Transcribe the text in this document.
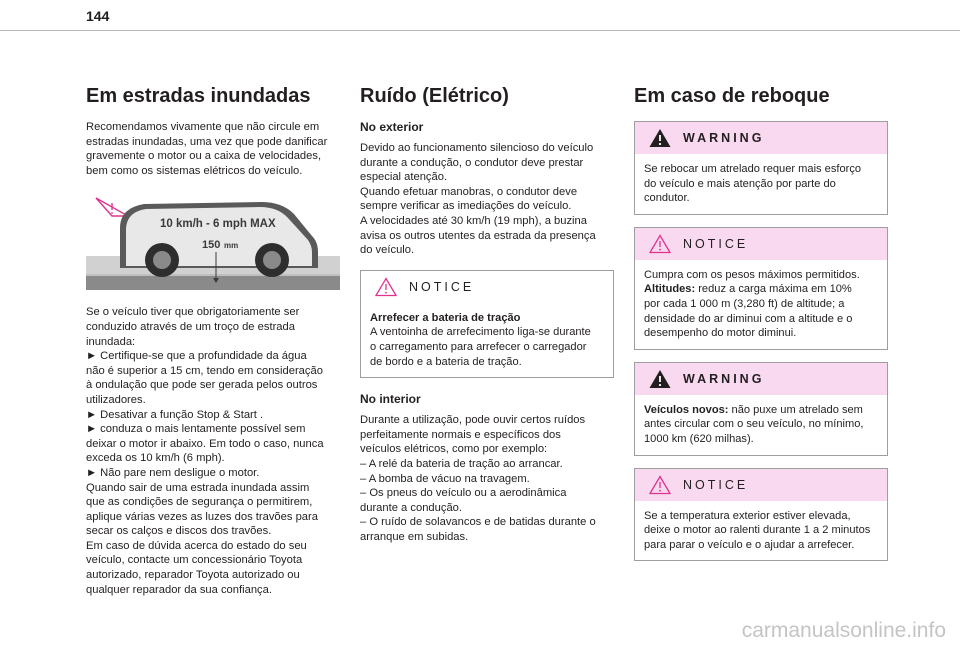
144
Em estradas inundadas

Recomendamos vivamente que não circule em
estradas inundadas, uma vez que pode danificar
gravemente o motor ou a caixa de velocidades,
bem como os sistemas elétricos do veículo.

10 km/h - 6 mph MAX
150 mm

Se o veículo tiver que obrigatoriamente ser
conduzido através de um troço de estrada
inundada:
► Certifique-se que a profundidade da água
não é superior a 15 cm, tendo em consideração
à ondulação que pode ser gerada pelos outros
utilizadores.
► Desativar a função Stop & Start .
► conduza o mais lentamente possível sem
deixar o motor ir abaixo. Em todo o caso, nunca
exceda os 10 km/h (6 mph).
► Não pare nem desligue o motor.
Quando sair de uma estrada inundada assim
que as condições de segurança o permitirem,
aplique várias vezes as luzes dos travões para
secar os calços e discos dos travões.
Em caso de dúvida acerca do estado do seu
veículo, contacte um concessionário Toyota
autorizado, reparador Toyota autorizado ou
qualquer reparador da sua confiança.

Ruído (Elétrico)
No exterior

Devido ao funcionamento silencioso do veículo
durante a condução, o condutor deve prestar
especial atenção.
Quando efetuar manobras, o condutor deve
sempre verificar as imediações do veículo.
A velocidades até 30 km/h (19 mph), a buzina
avisa os outros utentes da estrada da presença
do veículo.

NOTICE

Arrefecer a bateria de tração

A ventoinha de arrefecimento liga-se durante
o carregamento para arrefecer o carregador
de bordo e a bateria de tração.

No interior

Durante a utilização, pode ouvir certos ruídos
perfeitamente normais e específicos dos
veículos elétricos, como por exemplo:
– A relé da bateria de tração ao arrancar.
– A bomba de vácuo na travagem.
– Os pneus do veículo ou a aerodinâmica
durante a condução.
– O ruído de solavancos e de batidas durante o
arranque em subidas.

Em caso de reboque
WARNING

Se rebocar um atrelado requer mais esforço
do veículo e mais atenção por parte do
condutor.

NOTICE

Cumpra com os pesos máximos permitidos.

Altitudes: reduz a carga máxima em 10%
por cada 1 000 m (3,280 ft) de altitude; a
densidade do ar diminui com a altitude e o
desempenho do motor diminui.

WARNING

Veículos novos: não puxe um atrelado sem
antes circular com o seu veículo, no mínimo,
1000 km (620 milhas).

NOTICE

Se a temperatura exterior estiver elevada,
deixe o motor ao ralenti durante 1 a 2 minutos
para parar o veículo e o ajudar a arrefecer.

carmanualsonline.info
